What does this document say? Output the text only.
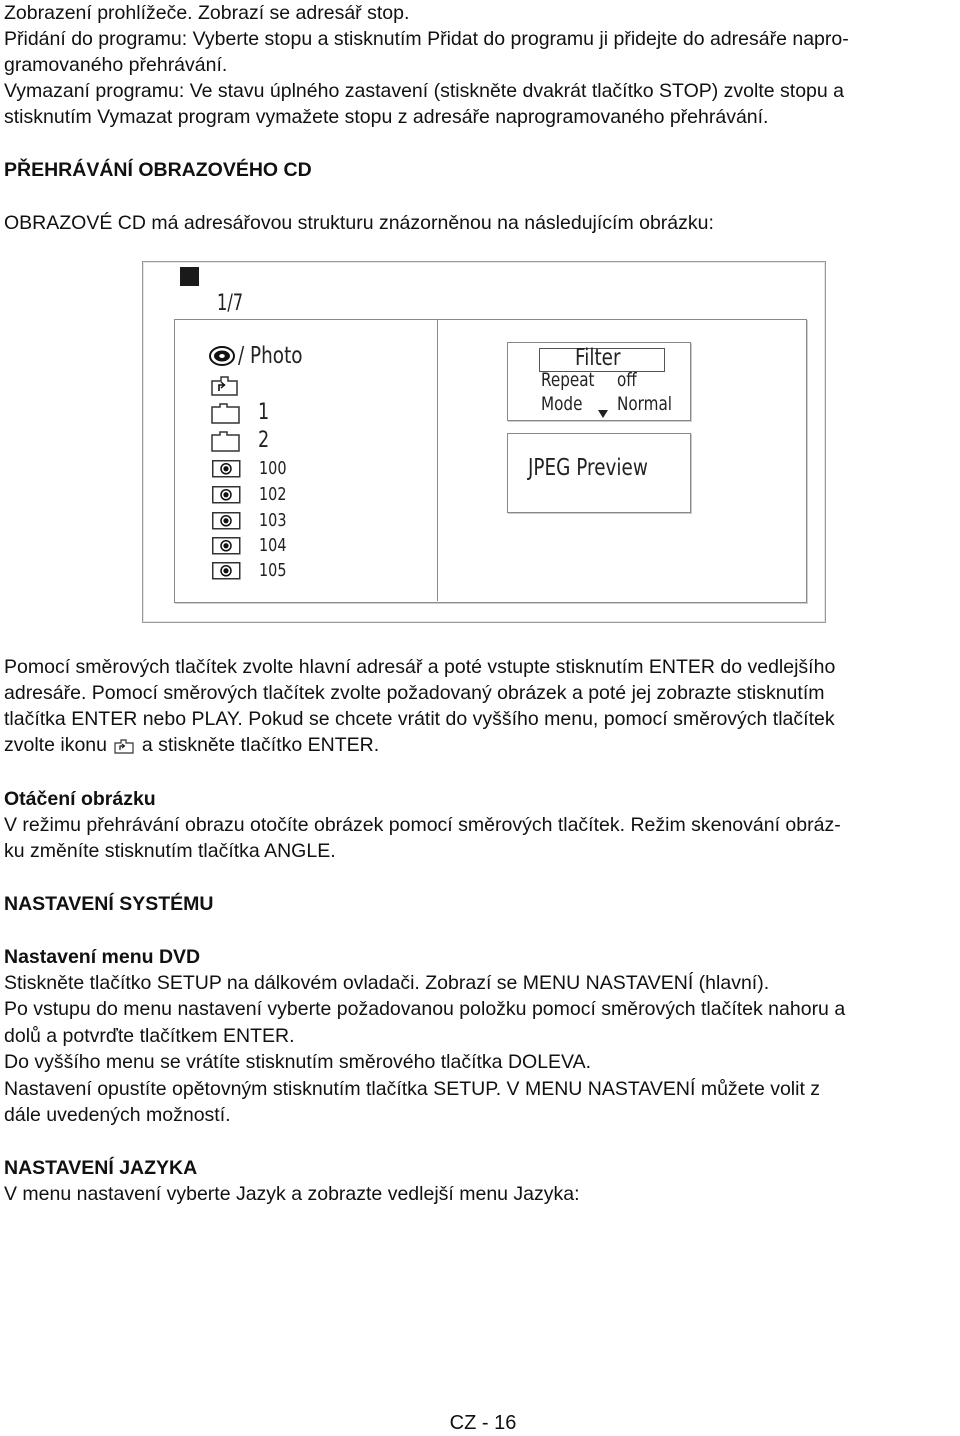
Zobrazení prohlížeče. Zobrazí se adresář stop.
Přidání do programu: Vyberte stopu a stisknutím Přidat do programu ji přidejte do adresáře napro-
gramovaného přehrávání.
Vymazaní programu: Ve stavu úplného zastavení (stiskněte dvakrát tlačítko STOP) zvolte stopu a
stisknutím Vymazat program vymažete stopu z adresáře naprogramovaného přehrávání.
PŘEHRÁVÁNÍ OBRAZOVÉHO CD
OBRAZOVÉ CD má adresářovou strukturu znázorněnou na následujícím obrázku:
1/7
/ Photo
1
2
100
102
103
104
105
Filter
Repeat off
Mode Normal
JPEG Preview
Pomocí směrových tlačítek zvolte hlavní adresář a poté vstupte stisknutím ENTER do vedlejšího
adresáře. Pomocí směrových tlačítek zvolte požadovaný obrázek a poté jej zobrazte stisknutím
tlačítka ENTER nebo PLAY. Pokud se chcete vrátit do vyššího menu, pomocí směrových tlačítek
zvolte ikonu a stiskněte tlačítko ENTER.
Otáčení obrázku
V režimu přehrávání obrazu otočíte obrázek pomocí směrových tlačítek. Režim skenování obráz-
ku změníte stisknutím tlačítka ANGLE.
NASTAVENÍ SYSTÉMU
Nastavení menu DVD
Stiskněte tlačítko SETUP na dálkovém ovladači. Zobrazí se MENU NASTAVENÍ (hlavní).
Po vstupu do menu nastavení vyberte požadovanou položku pomocí směrových tlačítek nahoru a
dolů a potvrďte tlačítkem ENTER.
Do vyššího menu se vrátíte stisknutím směrového tlačítka DOLEVA.
Nastavení opustíte opětovným stisknutím tlačítka SETUP. V MENU NASTAVENÍ můžete volit z
dále uvedených možností.
NASTAVENÍ JAZYKA
V menu nastavení vyberte Jazyk a zobrazte vedlejší menu Jazyka:
CZ - 16
